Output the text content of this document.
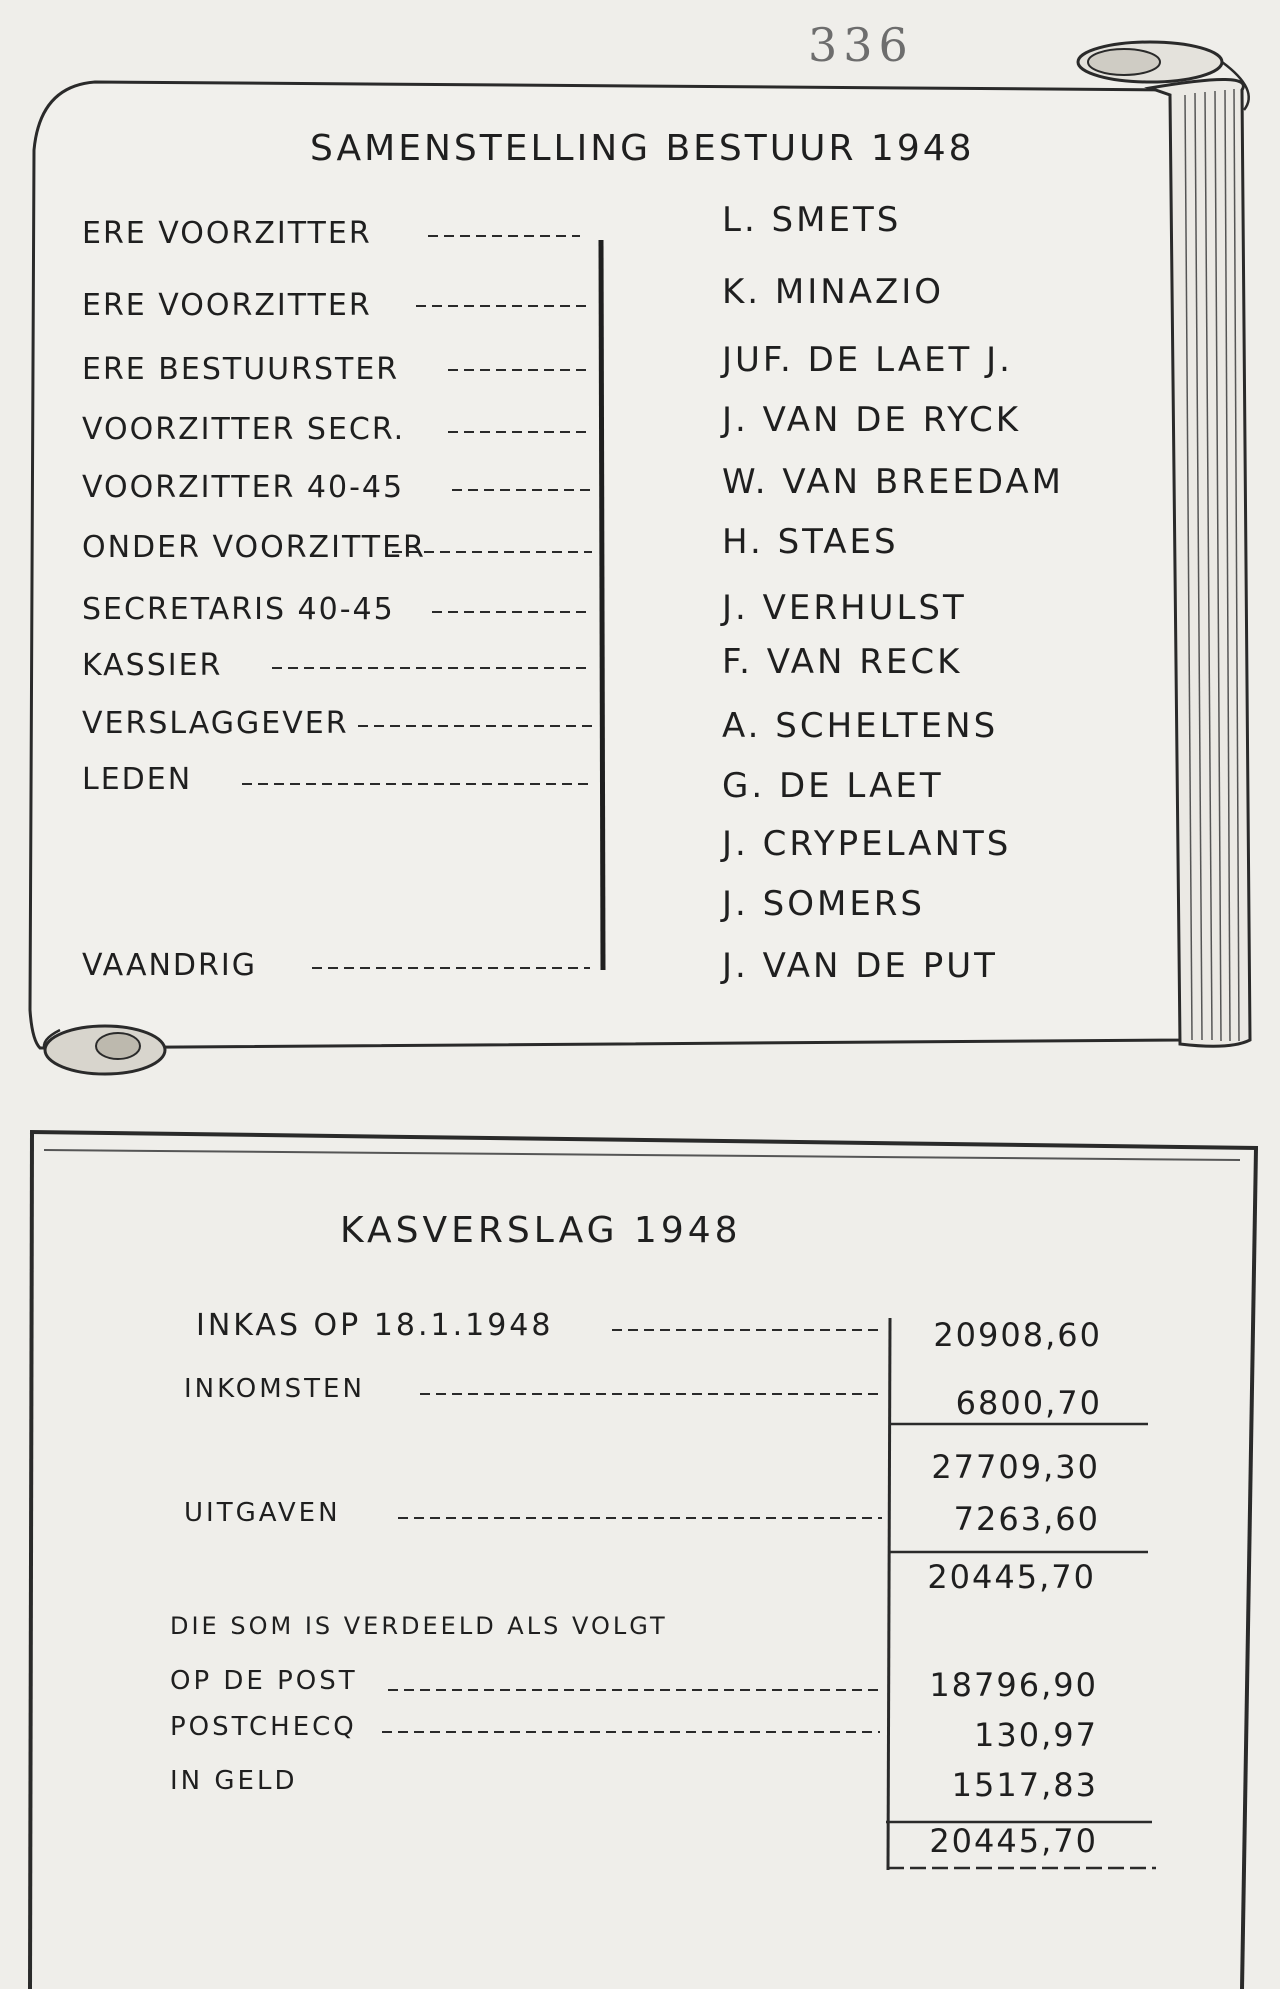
336
SAMENSTELLING BESTUUR 1948
ERE VOORZITTER	L. SMETS
ERE VOORZITTER	K. MINAZIO
ERE BESTUURSTER	JUF. DE LAET J.
VOORZITTER SECR.	J. VAN DE RYCK
VOORZITTER 40-45	W. VAN BREEDAM
ONDER VOORZITTER	H. STAES
SECRETARIS 40-45	J. VERHULST
KASSIER	F. VAN RECK
VERSLAGGEVER	A. SCHELTENS
LEDEN	G. DE LAET
J. CRYPELANTS
J. SOMERS
VAANDRIG	J. VAN DE PUT
KASVERSLAG 1948
INKAS OP 18.1.1948	20908,60
INKOMSTEN	6800,70
27709,30
UITGAVEN	7263,60
20445,70
DIE SOM IS VERDEELD ALS VOLGT
OP DE POST	18796,90
POSTCHECQ	130,97
IN GELD	1517,83
20445,70
